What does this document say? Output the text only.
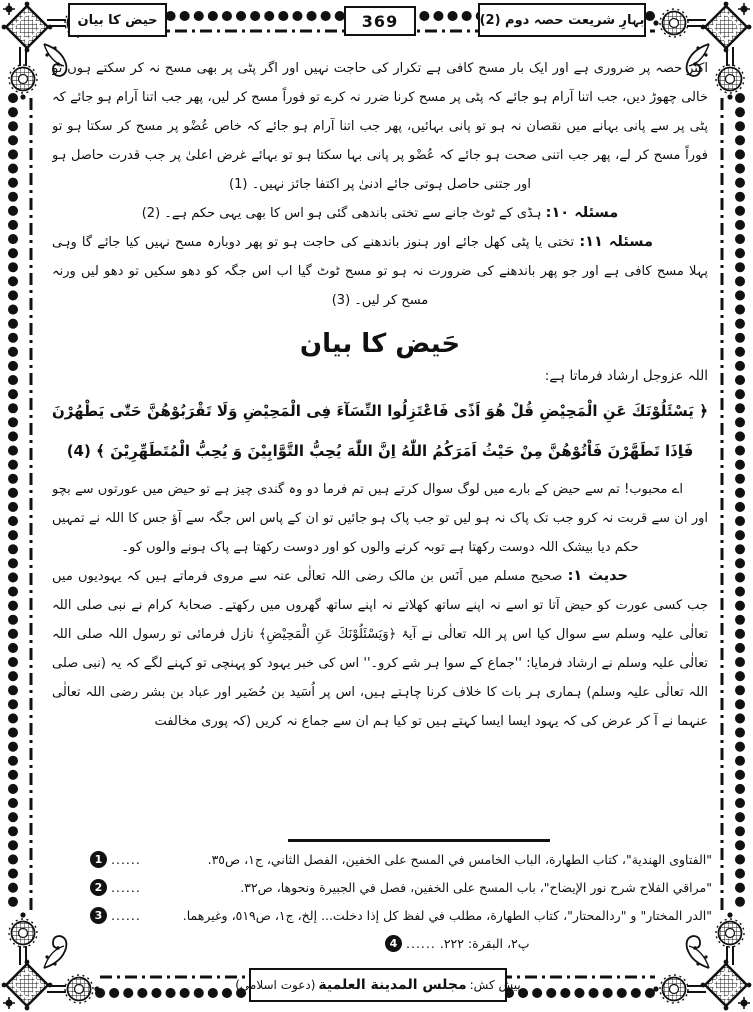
بہارِ شریعت حصہ دوم (2)
369
حیض کا بیان

اکثر حصہ پر ضروری ہے اور ایک بار مسح کافی ہے تکرار کی حاجت نہیں اور اگر پٹی پر بھی مسح نہ کر سکتے ہوں تو خالی چھوڑ دیں، جب اتنا آرام ہو جائے کہ پٹی پر مسح کرنا ضرر نہ کرے تو فوراً مسح کر لیں، پھر جب اتنا آرام ہو جائے کہ پٹی پر سے پانی بہانے میں نقصان نہ ہو تو پانی بہائیں، پھر جب اتنا آرام ہو جائے کہ خاص عُضْو پر مسح کر سکتا ہو تو فوراً مسح کر لے، پھر جب اتنی صحت ہو جائے کہ عُضْو پر پانی بہا سکتا ہو تو بہائے غرض اعلیٰ پر جب قدرت حاصل ہو اور جتنی حاصل ہوتی جائے ادنیٰ پر اکتفا جائز نہیں۔ (1)

مسئلہ ۱۰: ہڈی کے ٹوٹ جانے سے تختی باندھی گئی ہو اس کا بھی یہی حکم ہے۔ (2)

مسئلہ ۱۱: تختی یا پٹی کھل جائے اور ہنوز باندھنے کی حاجت ہو تو پھر دوبارہ مسح نہیں کیا جائے گا وہی پہلا مسح کافی ہے اور جو پھر باندھنے کی ضرورت نہ ہو تو مسح ٹوٹ گیا اب اس جگہ کو دھو سکیں تو دھو لیں ورنہ مسح کر لیں۔ (3)

حَیض کا بیان

اللہ عزوجل ارشاد فرماتا ہے:

﴿ یَسْئَلُوْنَكَ عَنِ الْمَحِیْضِ قُلْ هُوَ اَذًی فَاعْتَزِلُوا النِّسَآءَ فِی الْمَحِیْضِ وَلَا تَقْرَبُوْهُنَّ حَتّٰی یَطْهُرْنَ فَاِذَا تَطَهَّرْنَ فَاْتُوْهُنَّ مِنْ حَیْثُ اَمَرَكُمُ اللّٰهُ اِنَّ اللّٰهَ یُحِبُّ التَّوَّابِیْنَ وَ یُحِبُّ الْمُتَطَهِّرِیْنَ ﴾ (4)

اے محبوب! تم سے حیض کے بارے میں لوگ سوال کرتے ہیں تم فرما دو وہ گندی چیز ہے تو حیض میں عورتوں سے بچو اور ان سے قربت نہ کرو جب تک پاک نہ ہو لیں تو جب پاک ہو جائیں تو ان کے پاس اس جگہ سے آؤ جس کا اللہ نے تمہیں حکم دیا بیشک اللہ دوست رکھتا ہے توبہ کرنے والوں کو اور دوست رکھتا ہے پاک ہونے والوں کو۔

حدیث ۱: صحیح مسلم میں اَنَس بن مالک رضی اللہ تعالٰی عنہ سے مروی فرماتے ہیں کہ یہودیوں میں جب کسی عورت کو حیض آتا تو اسے نہ اپنے ساتھ کھلاتے نہ اپنے ساتھ گھروں میں رکھتے۔ صحابۂ کرام نے نبی صلی اللہ تعالٰی علیہ وسلم سے سوال کیا اس پر اللہ تعالٰی نے آیۂ ﴿وَیَسْئَلُوْنَكَ عَنِ الْمَحِیْضِ﴾ نازل فرمائی تو رسول اللہ صلی اللہ تعالٰی علیہ وسلم نے ارشاد فرمایا: ''جماع کے سوا ہر شے کرو۔'' اس کی خبر یہود کو پہنچی تو کہنے لگے کہ یہ (نبی صلی اللہ تعالٰی علیہ وسلم) ہماری ہر بات کا خلاف کرنا چاہتے ہیں، اس پر اُسَید بن حُضَیر اور عباد بن بشر رضی اللہ تعالٰی عنہما نے آ کر عرض کی کہ یہود ایسا ایسا کہتے ہیں تو کیا ہم ان سے جماع نہ کریں (کہ پوری مخالفت

1 ......	"الفتاوى الهندية"، كتاب الطهارة، الباب الخامس في المسح على الخفين، الفصل الثاني، ج١، ص٣٥.
2 ......	"مراقي الفلاح شرح نور الإيضاح"، باب المسح على الخفين، فصل في الجبيرة ونحوها، ص٣٢.
3 ......	"الدر المختار" و "ردالمحتار"، كتاب الطهارة، مطلب في لفظ كل إذا دخلت... إلخ، ج١، ص٥١٩، وغيرهما.
4 ...... پ٢، البقرة: ٢٢٢.
پیش کش:
مجلس المدینة العلمية
(دعوت اسلامی)
